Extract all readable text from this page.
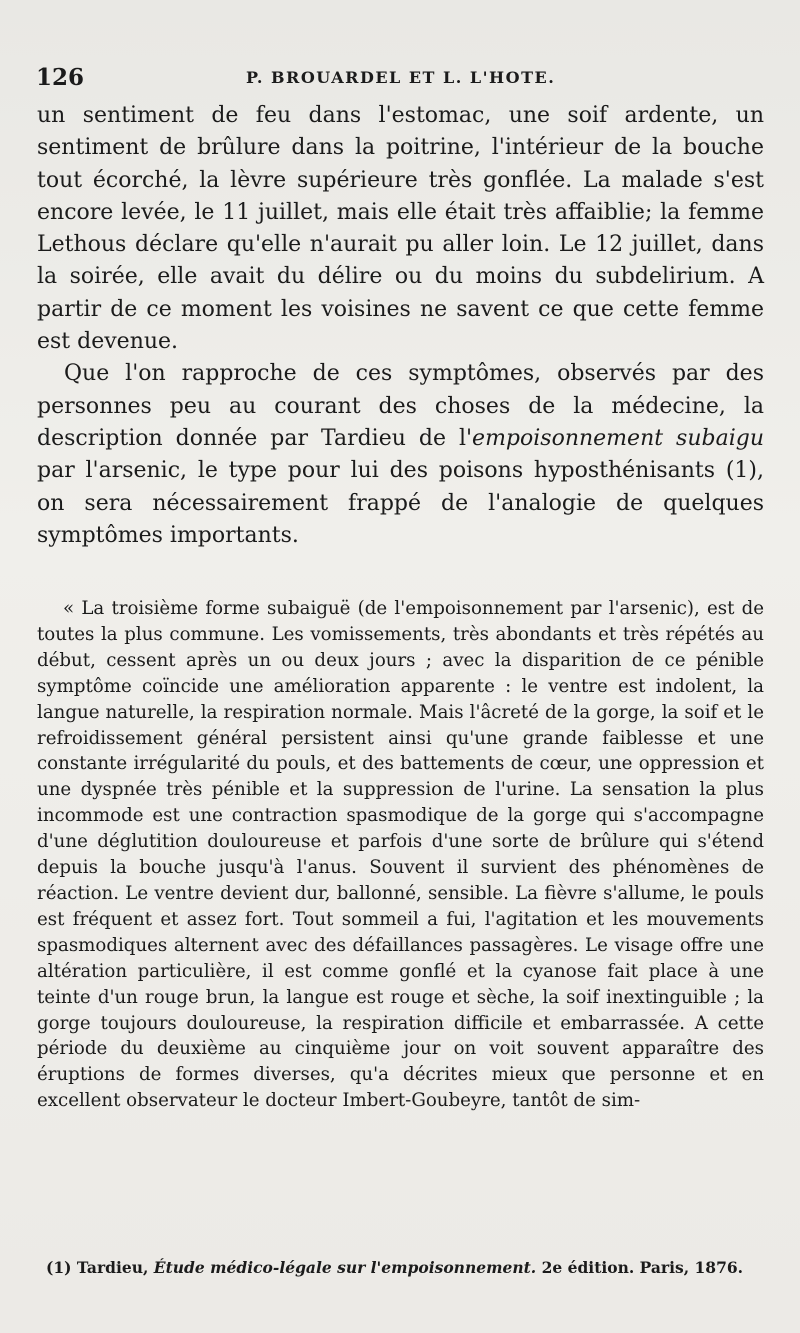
126	P. BROUARDEL ET L. L'HOTE.

un sentiment de feu dans l'estomac, une soif ardente, un sentiment de brûlure dans la poitrine, l'intérieur de la bouche tout écorché, la lèvre supérieure très gonflée. La malade s'est encore levée, le 11 juillet, mais elle était très affaiblie; la femme Lethous déclare qu'elle n'aurait pu aller loin. Le 12 juillet, dans la soirée, elle avait du délire ou du moins du subdelirium. A partir de ce moment les voisines ne savent ce que cette femme est devenue.

Que l'on rapproche de ces symptômes, observés par des personnes peu au courant des choses de la médecine, la description donnée par Tardieu de l'empoisonnement subaigu par l'arsenic, le type pour lui des poisons hyposthénisants (1), on sera nécessairement frappé de l'analogie de quelques symptômes importants.

« La troisième forme subaiguë (de l'empoisonnement par l'arsenic), est de toutes la plus commune. Les vomissements, très abondants et très répétés au début, cessent après un ou deux jours ; avec la disparition de ce pénible symptôme coïncide une amélioration apparente : le ventre est indolent, la langue naturelle, la respiration normale. Mais l'âcreté de la gorge, la soif et le refroidissement général persistent ainsi qu'une grande faiblesse et une constante irrégularité du pouls, et des battements de cœur, une oppression et une dyspnée très pénible et la suppression de l'urine. La sensation la plus incommode est une contraction spasmodique de la gorge qui s'accompagne d'une déglutition douloureuse et parfois d'une sorte de brûlure qui s'étend depuis la bouche jusqu'à l'anus. Souvent il survient des phénomènes de réaction. Le ventre devient dur, ballonné, sensible. La fièvre s'allume, le pouls est fréquent et assez fort. Tout sommeil a fui, l'agitation et les mouvements spasmodiques alternent avec des défaillances passagères. Le visage offre une altération particulière, il est comme gonflé et la cyanose fait place à une teinte d'un rouge brun, la langue est rouge et sèche, la soif inextinguible ; la gorge toujours douloureuse, la respiration difficile et embarrassée. A cette période du deuxième au cinquième jour on voit souvent apparaître des éruptions de formes diverses, qu'a décrites mieux que personne et en excellent observateur le docteur Imbert-Goubeyre, tantôt de sim-

(1) Tardieu, Étude médico-légale sur l'empoisonnement. 2e édition. Paris, 1876.
